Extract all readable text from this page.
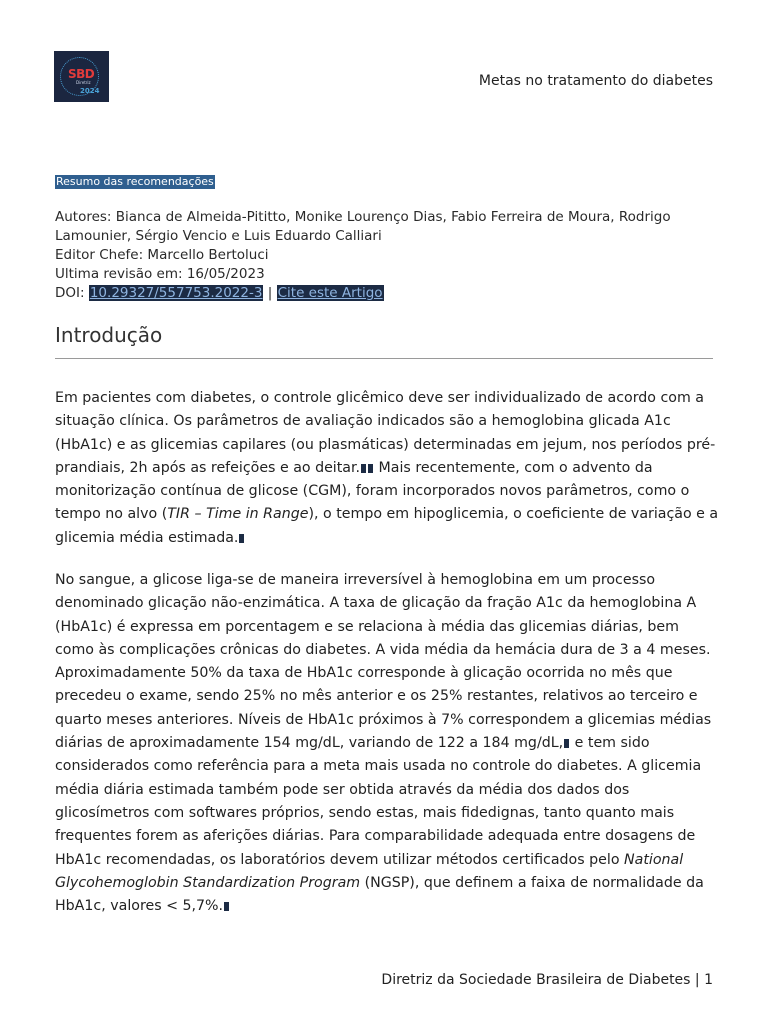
SBD
Diretriz
2024
Metas no tratamento do diabetes
Resumo das recomendações
Autores: Bianca de Almeida-Pititto, Monike Lourenço Dias, Fabio Ferreira de Moura, Rodrigo
Lamounier, Sérgio Vencio e Luis Eduardo Calliari
Editor Chefe: Marcello Bertoluci
Ultima revisão em: 16/05/2023
DOI: 10.29327/557753.2022-3 | Cite este Artigo
Introdução
Em pacientes com diabetes, o controle glicêmico deve ser individualizado de acordo com a situação clínica. Os parâmetros de avaliação indicados são a hemoglobina glicada A1c (HbA1c) e as glicemias capilares (ou plasmáticas) determinadas em jejum, nos períodos pré-prandiais, 2h após as refeições e ao deitar. Mais recentemente, com o advento da monitorização contínua de glicose (CGM), foram incorporados novos parâmetros, como o tempo no alvo (TIR – Time in Range), o tempo em hipoglicemia, o coeficiente de variação e a glicemia média estimada.
No sangue, a glicose liga-se de maneira irreversível à hemoglobina em um processo denominado glicação não-enzimática. A taxa de glicação da fração A1c da hemoglobina A (HbA1c) é expressa em porcentagem e se relaciona à média das glicemias diárias, bem como às complicações crônicas do diabetes. A vida média da hemácia dura de 3 a 4 meses. Aproximadamente 50% da taxa de HbA1c corresponde à glicação ocorrida no mês que precedeu o exame, sendo 25% no mês anterior e os 25% restantes, relativos ao terceiro e quarto meses anteriores. Níveis de HbA1c próximos à 7% correspondem a glicemias médias diárias de aproximadamente 154 mg/dL, variando de 122 a 184 mg/dL, e tem sido considerados como referência para a meta mais usada no controle do diabetes. A glicemia média diária estimada também pode ser obtida através da média dos dados dos glicosímetros com softwares próprios, sendo estas, mais fidedignas, tanto quanto mais frequentes forem as aferições diárias. Para comparabilidade adequada entre dosagens de HbA1c recomendadas, os laboratórios devem utilizar métodos certificados pelo National Glycohemoglobin Standardization Program (NGSP), que definem a faixa de normalidade da HbA1c, valores < 5,7%.
Diretriz da Sociedade Brasileira de Diabetes | 1
